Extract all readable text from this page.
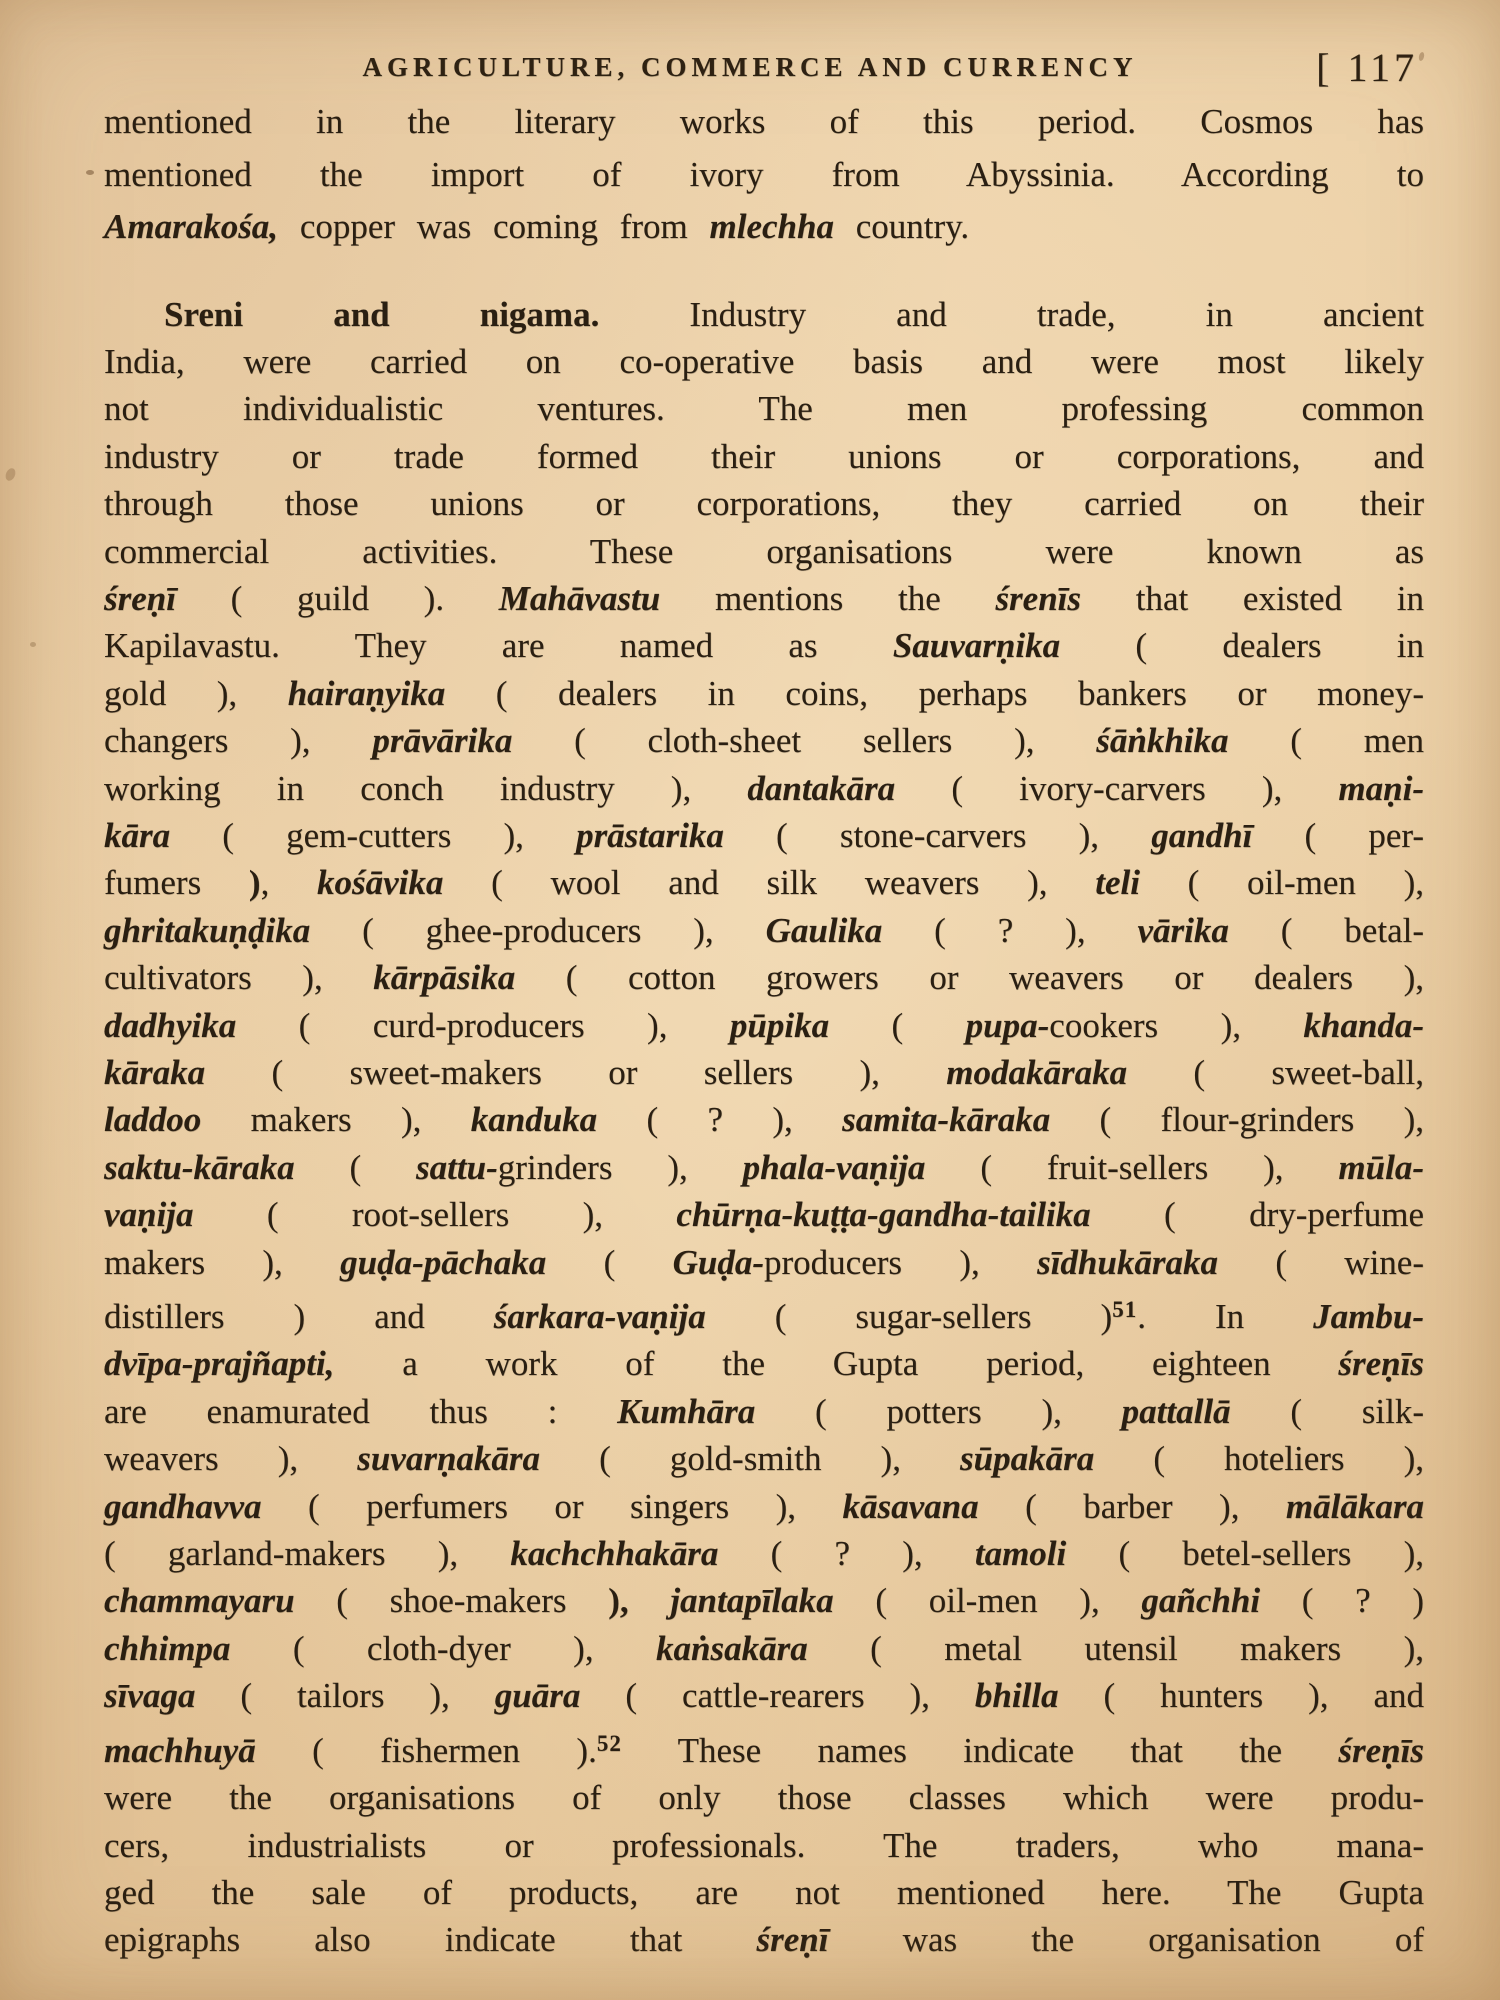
AGRICULTURE, COMMERCE AND CURRENCY	[ 117
mentioned in the literary works of this period. Cosmos has
mentioned the import of ivory from Abyssinia. According to
Amarakośa, copper was coming from mlechha country.
Sreni and nigama. Industry and trade, in ancient
India, were carried on co-operative basis and were most likely
not individualistic ventures. The men professing common
industry or trade formed their unions or corporations, and
through those unions or corporations, they carried on their
commercial activities. These organisations were known as
śreṇī ( guild ). Mahāvastu mentions the śrenīs that existed in
Kapilavastu. They are named as Sauvarṇika ( dealers in
gold ), hairaṇyika ( dealers in coins, perhaps bankers or money-
changers ), prāvārika ( cloth-sheet sellers ), śāṅkhika ( men
working in conch industry ), dantakāra ( ivory-carvers ), maṇi-
kāra ( gem-cutters ), prāstarika ( stone-carvers ), gandhī ( per-
fumers ), kośāvika ( wool and silk weavers ), teli ( oil-men ),
ghritakuṇḍika ( ghee-producers ), Gaulika ( ? ), vārika ( betal-
cultivators ), kārpāsika ( cotton growers or weavers or dealers ),
dadhyika ( curd-producers ), pūpika ( pupa-cookers ), khanda-
kāraka ( sweet-makers or sellers ), modakāraka ( sweet-ball,
laddoo makers ), kanduka ( ? ), samita-kāraka ( flour-grinders ),
saktu-kāraka ( sattu-grinders ), phala-vaṇija ( fruit-sellers ), mūla-
vaṇija ( root-sellers ), chūrṇa-kuṭṭa-gandha-tailika ( dry-perfume
makers ), guḍa-pāchaka ( Guḍa-producers ), sīdhukāraka ( wine-
distillers ) and śarkara-vaṇija ( sugar-sellers )$^{51}$. In Jambu-
dvīpa-prajñapti, a work of the Gupta period, eighteen śreṇīs
are enamurated thus : Kumhāra ( potters ), pattallā ( silk-
weavers ), suvarṇakāra ( gold-smith ), sūpakāra ( hoteliers ),
gandhavva ( perfumers or singers ), kāsavana ( barber ), mālākara
( garland-makers ), kachchhakāra ( ? ), tamoli ( betel-sellers ),
chammayaru ( shoe-makers ), jantapīlaka ( oil-men ), gañchhi ( ? )
chhimpa ( cloth-dyer ), kaṅsakāra ( metal utensil makers ),
sīvaga ( tailors ), guāra ( cattle-rearers ), bhilla ( hunters ), and
machhuyā ( fishermen ).$^{52}$ These names indicate that the śreṇīs
were the organisations of only those classes which were produ-
cers, industrialists or professionals. The traders, who mana-
ged the sale of products, are not mentioned here. The Gupta
epigraphs also indicate that śreṇī was the organisation of
